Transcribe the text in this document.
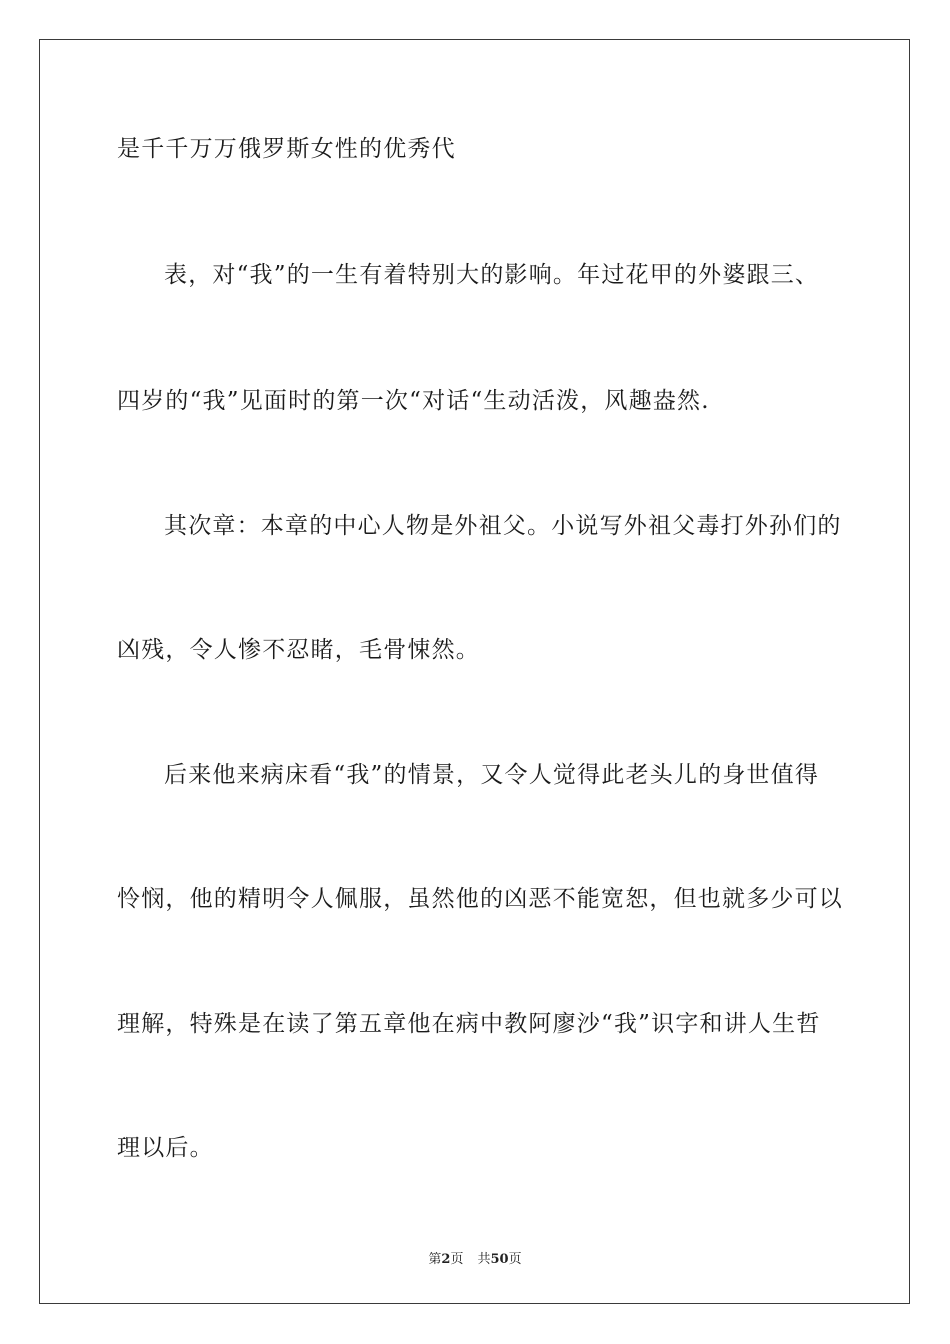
是千千万万俄罗斯女性的优秀代
表，对“我”的一生有着特别大的影响。年过花甲的外婆跟三、
四岁的“我”见面时的第一次“对话“生动活泼，风趣盎然.
其次章：本章的中心人物是外祖父。小说写外祖父毒打外孙们的
凶残，令人惨不忍睹，毛骨悚然。
后来他来病床看“我”的情景，又令人觉得此老头儿的身世值得
怜悯，他的精明令人佩服，虽然他的凶恶不能宽恕，但也就多少可以
理解，特殊是在读了第五章他在病中教阿廖沙“我”识字和讲人生哲
理以后。
第2页 共50页
